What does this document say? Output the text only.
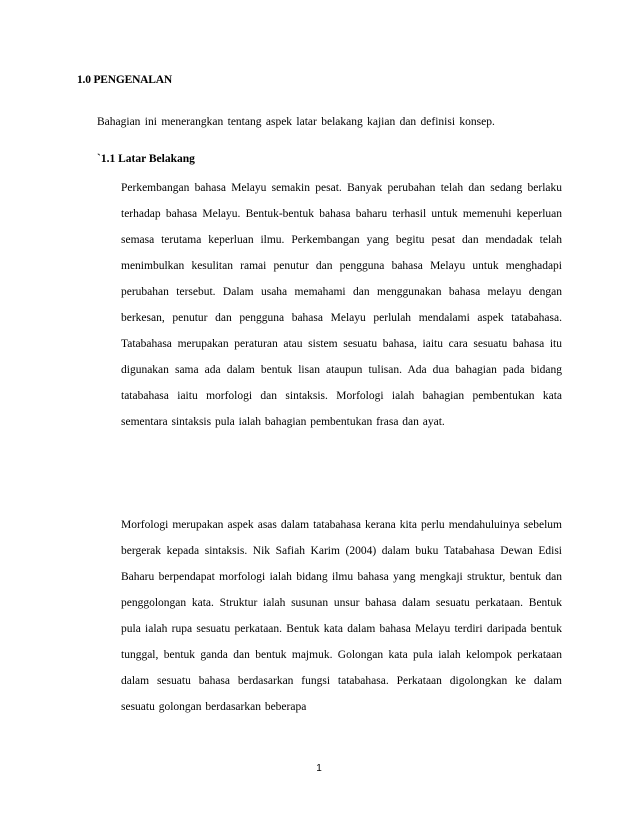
1.0 PENGENALAN
Bahagian ini menerangkan tentang aspek latar belakang kajian dan definisi konsep.
`1.1 Latar Belakang
Perkembangan bahasa Melayu semakin pesat. Banyak perubahan telah dan sedang berlaku terhadap bahasa Melayu. Bentuk-bentuk bahasa baharu terhasil untuk memenuhi keperluan semasa terutama keperluan ilmu. Perkembangan yang begitu pesat dan mendadak telah menimbulkan kesulitan ramai penutur dan pengguna bahasa Melayu untuk menghadapi perubahan tersebut. Dalam usaha memahami dan menggunakan bahasa melayu dengan berkesan, penutur dan pengguna bahasa Melayu perlulah mendalami aspek tatabahasa. Tatabahasa merupakan peraturan atau sistem sesuatu bahasa, iaitu cara sesuatu bahasa itu digunakan sama ada dalam bentuk lisan ataupun tulisan. Ada dua bahagian pada bidang tatabahasa iaitu morfologi dan sintaksis. Morfologi ialah bahagian pembentukan kata sementara sintaksis pula ialah bahagian pembentukan frasa dan ayat.
Morfologi merupakan aspek asas dalam tatabahasa kerana kita perlu mendahuluinya sebelum bergerak kepada sintaksis. Nik Safiah Karim (2004) dalam buku Tatabahasa Dewan Edisi Baharu berpendapat morfologi ialah bidang ilmu bahasa yang mengkaji struktur, bentuk dan penggolongan kata. Struktur ialah susunan unsur bahasa dalam sesuatu perkataan. Bentuk pula ialah rupa sesuatu perkataan. Bentuk kata dalam bahasa Melayu terdiri daripada bentuk tunggal, bentuk ganda dan bentuk majmuk. Golongan kata pula ialah kelompok perkataan dalam sesuatu bahasa berdasarkan fungsi tatabahasa. Perkataan digolongkan ke dalam sesuatu golongan berdasarkan beberapa
1
